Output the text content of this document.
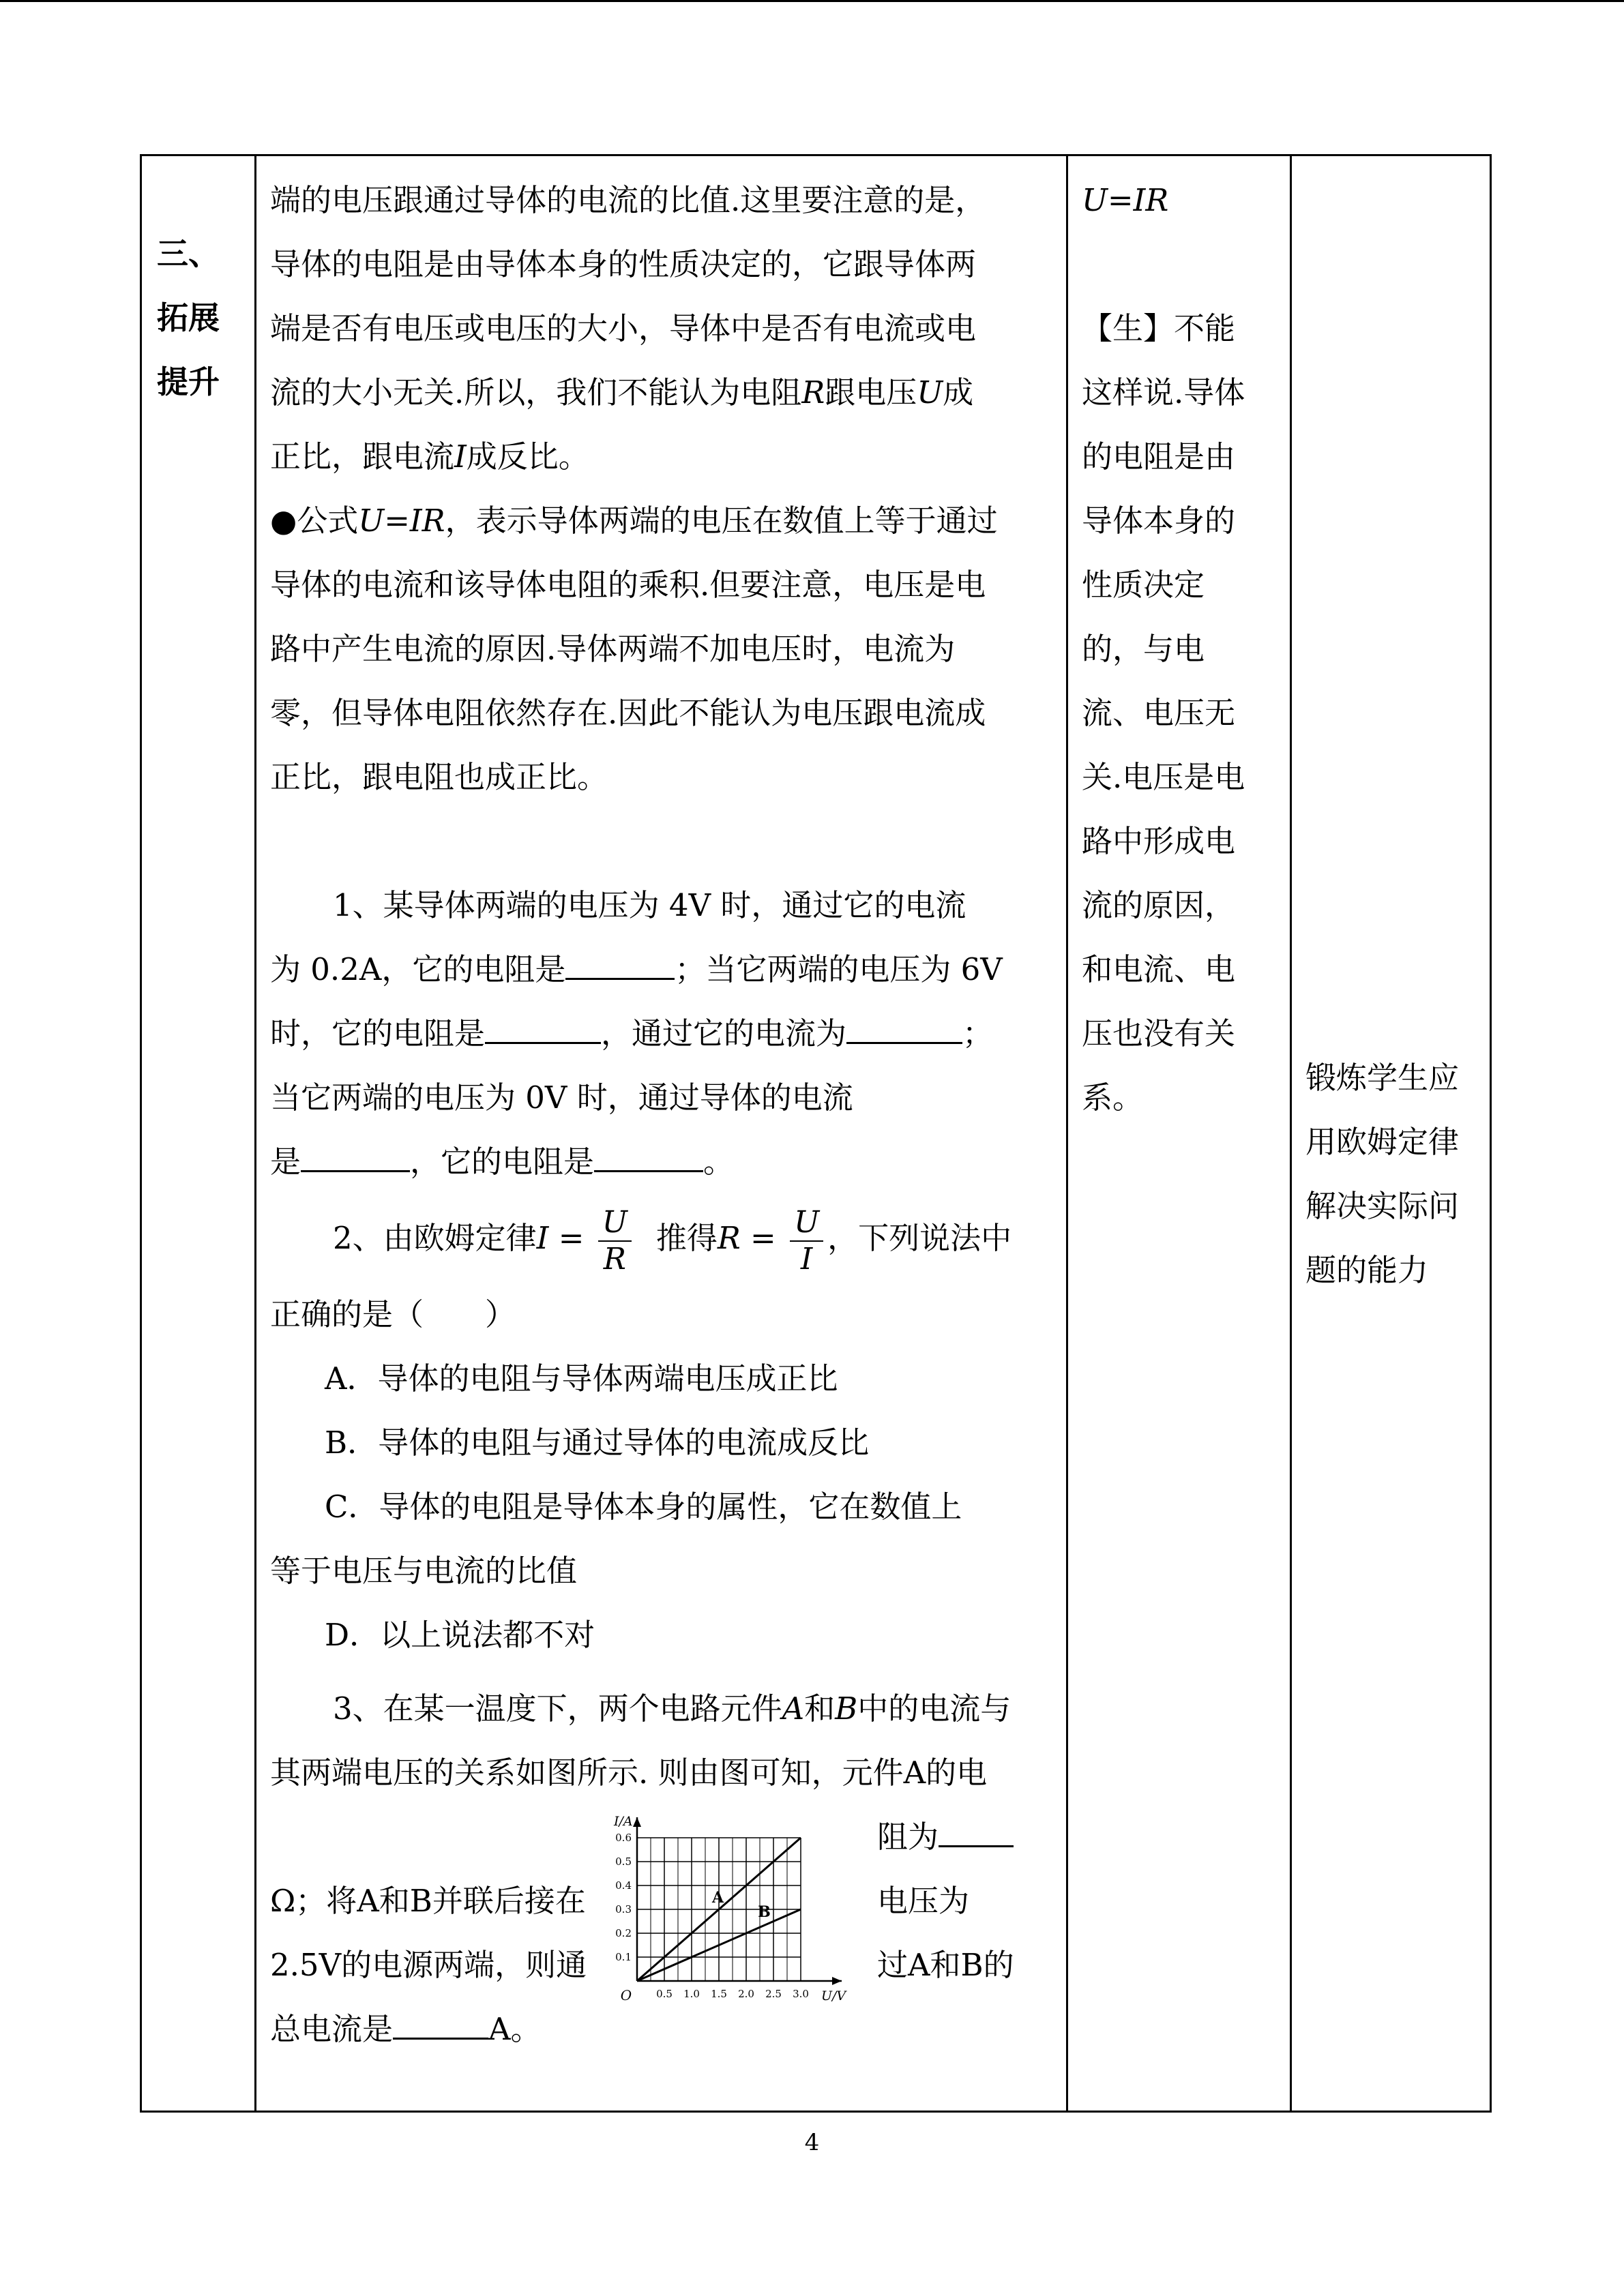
三、
拓展
提升

端的电压跟通过导体的电流的比值.这里要注意的是，
导体的电阻是由导体本身的性质决定的，它跟导体两
端是否有电压或电压的大小，导体中是否有电流或电
流的大小无关.所以，我们不能认为电阻R跟电压U成
正比，跟电流I成反比。
●公式U=IR，表示导体两端的电压在数值上等于通过
导体的电流和该导体电阻的乘积.但要注意，电压是电
路中产生电流的原因.导体两端不加电压时，电流为
零，但导体电阻依然存在.因此不能认为电压跟电流成
正比，跟电阻也成正比。
1、某导体两端的电压为 4V 时，通过它的电流
为 0.2A，它的电阻是	；当它两端的电压为 6V
时，它的电阻是	，通过它的电流为	；
当它两端的电压为 0V 时，通过导体的电流
是	，它的电阻是	。
2、由欧姆定律$I = \frac{U}{R}$ 推得$R = \frac{U}{I}$ ，下列说法中
正确的是（　　）
A．导体的电阻与导体两端电压成正比
B．导体的电阻与通过导体的电流成反比
C．导体的电阻是导体本身的属性，它在数值上
等于电压与电流的比值
D．以上说法都不对
3、在某一温度下，两个电路元件A和B中的电流与
其两端电压的关系如图所示. 则由图可知，元件A的电
阻为
电压为
过A和B的
Ω；将A和B并联后接在
2.5V的电源两端，则通
总电流是	A。
0.5 1.0 1.5 2.0 2.5 3.0
0.1
0.2
0.3
0.4
0.5
0.6
O	U/V
I/A
A
B

U=IR
【生】不能
这样说.导体
的电阻是由
导体本身的
性质决定
的，与电
流、电压无
关.电压是电
路中形成电
流的原因，
和电流、电
压也没有关
系。

锻炼学生应
用欧姆定律
解决实际问
题的能力
4
